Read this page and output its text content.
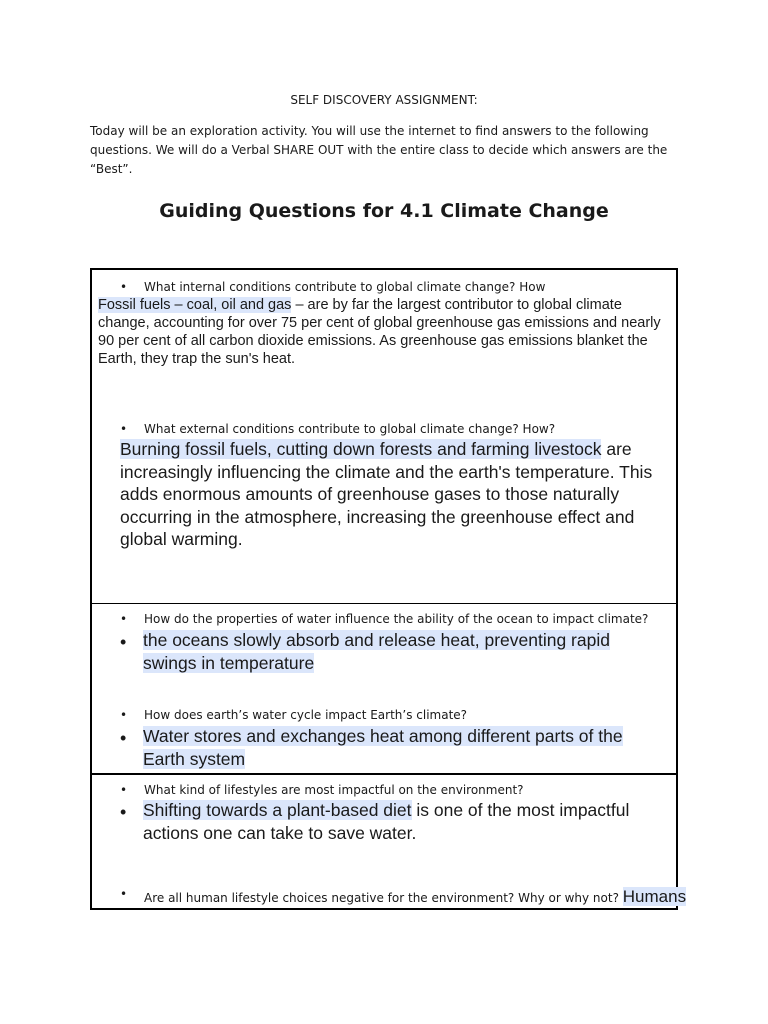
SELF DISCOVERY ASSIGNMENT:
Today will be an exploration activity. You will use the internet to find answers to the following questions. We will do a Verbal SHARE OUT with the entire class to decide which answers are the “Best”.
Guiding Questions for 4.1 Climate Change
• What internal conditions contribute to global climate change? How
Fossil fuels – coal, oil and gas – are by far the largest contributor to global climate change, accounting for over 75 per cent of global greenhouse gas emissions and nearly 90 per cent of all carbon dioxide emissions. As greenhouse gas emissions blanket the Earth, they trap the sun's heat.
• What external conditions contribute to global climate change? How?
Burning fossil fuels, cutting down forests and farming livestock are increasingly influencing the climate and the earth's temperature. This adds enormous amounts of greenhouse gases to those naturally occurring in the atmosphere, increasing the greenhouse effect and global warming.
• How do the properties of water influence the ability of the ocean to impact climate?
• the oceans slowly absorb and release heat, preventing rapid swings in temperature
• How does earth’s water cycle impact Earth’s climate?
• Water stores and exchanges heat among different parts of the Earth system
• What kind of lifestyles are most impactful on the environment?
• Shifting towards a plant-based diet is one of the most impactful actions one can take to save water.
• Are all human lifestyle choices negative for the environment? Why or why not? Humans
